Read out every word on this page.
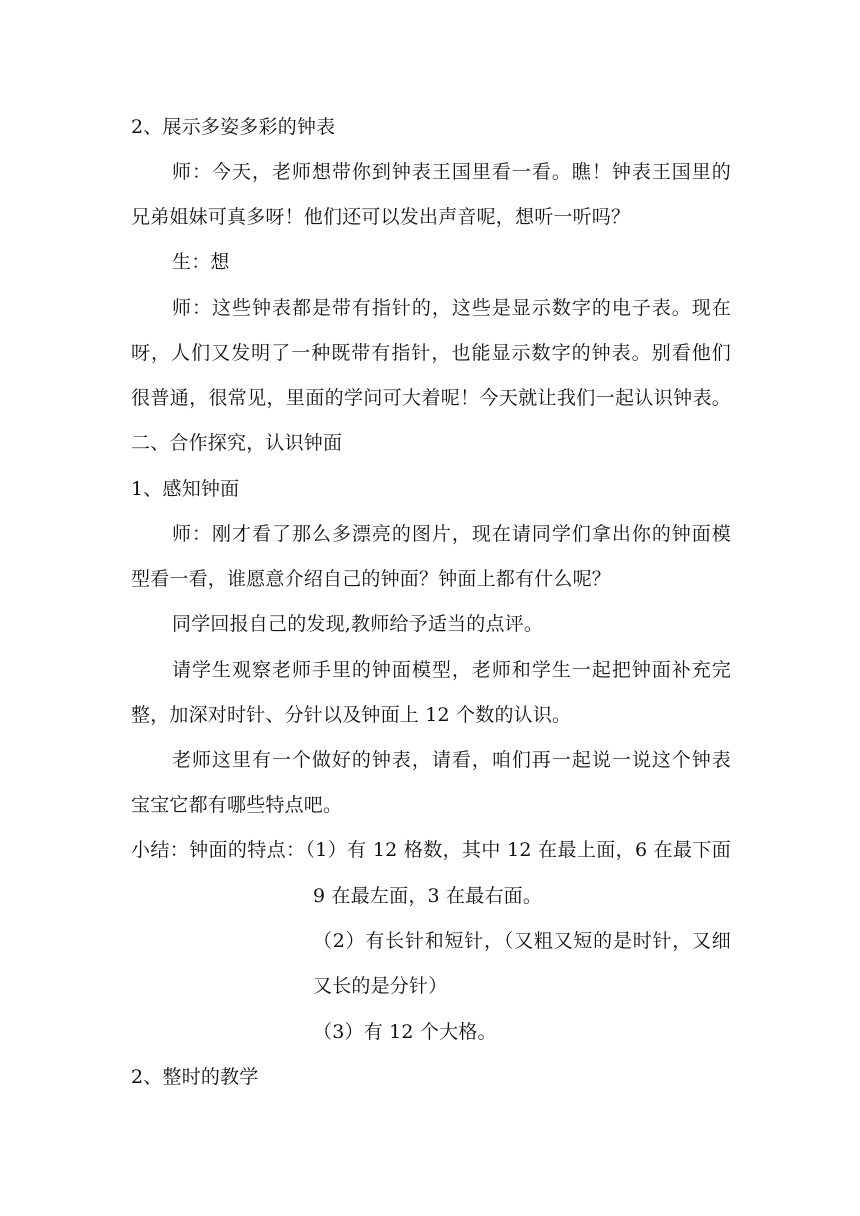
2、展示多姿多彩的钟表
师：今天，老师想带你到钟表王国里看一看。瞧！钟表王国里的
兄弟姐妹可真多呀！他们还可以发出声音呢，想听一听吗？
生：想
师：这些钟表都是带有指针的，这些是显示数字的电子表。现在
呀，人们又发明了一种既带有指针，也能显示数字的钟表。别看他们
很普通，很常见，里面的学问可大着呢！今天就让我们一起认识钟表。
二、合作探究，认识钟面
1、感知钟面
师：刚才看了那么多漂亮的图片，现在请同学们拿出你的钟面模
型看一看，谁愿意介绍自己的钟面？钟面上都有什么呢？
同学回报自己的发现,教师给予适当的点评。
请学生观察老师手里的钟面模型，老师和学生一起把钟面补充完
整，加深对时针、分针以及钟面上 12 个数的认识。
老师这里有一个做好的钟表，请看，咱们再一起说一说这个钟表
宝宝它都有哪些特点吧。
小结：钟面的特点：（1）有 12 格数，其中 12 在最上面，6 在最下面
9 在最左面，3 在最右面。
（2）有长针和短针，（又粗又短的是时针，又细
又长的是分针）
（3）有 12 个大格。
2、整时的教学
